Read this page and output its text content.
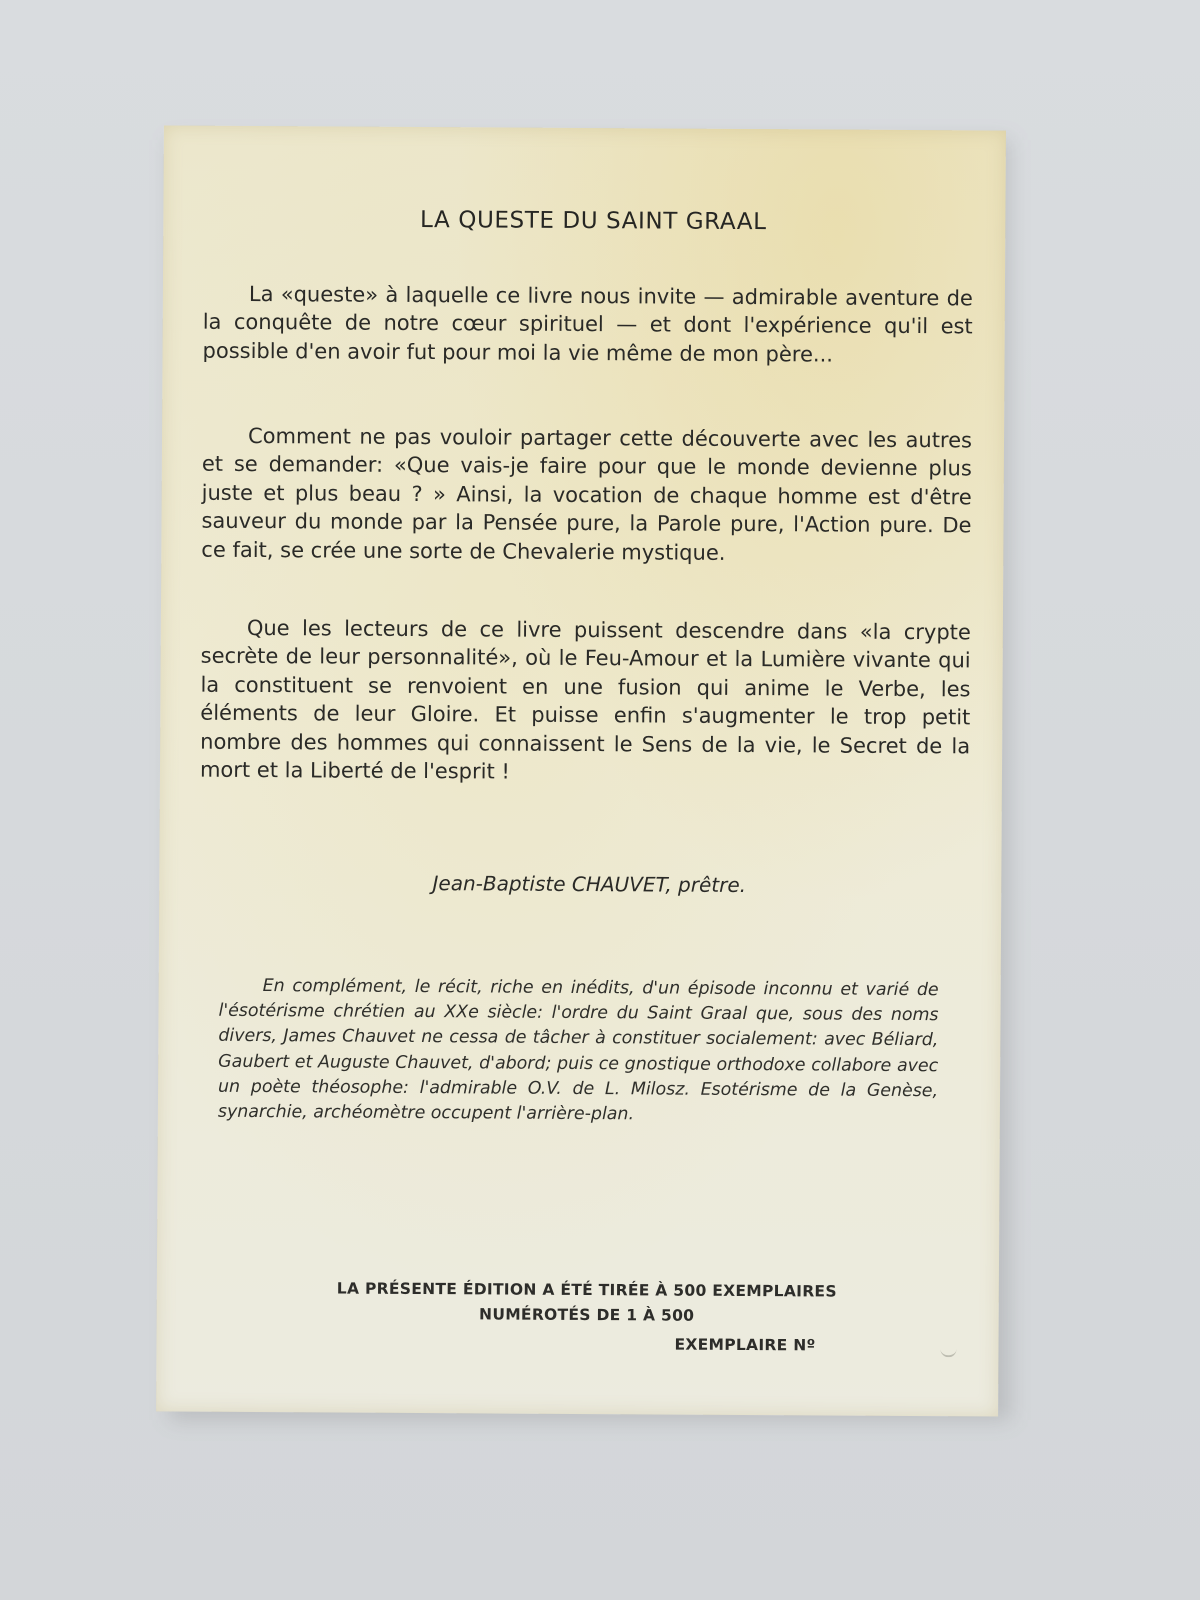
LA QUESTE DU SAINT GRAAL
La «queste» à laquelle ce livre nous invite — admirable aventure de la conquête de notre cœur spirituel — et dont l'expérience qu'il est possible d'en avoir fut pour moi la vie même de mon père...
Comment ne pas vouloir partager cette découverte avec les autres et se demander: «Que vais-je faire pour que le monde devienne plus juste et plus beau ? » Ainsi, la vocation de chaque homme est d'être sauveur du monde par la Pensée pure, la Parole pure, l'Action pure. De ce fait, se crée une sorte de Chevalerie mystique.
Que les lecteurs de ce livre puissent descendre dans «la crypte secrète de leur personnalité», où le Feu-Amour et la Lumière vivante qui la constituent se renvoient en une fusion qui anime le Verbe, les éléments de leur Gloire. Et puisse enfin s'augmenter le trop petit nombre des hommes qui connaissent le Sens de la vie, le Secret de la mort et la Liberté de l'esprit !
Jean-Baptiste CHAUVET, prêtre.
En complément, le récit, riche en inédits, d'un épisode inconnu et varié de l'ésotérisme chrétien au XXe siècle: l'ordre du Saint Graal que, sous des noms divers, James Chauvet ne cessa de tâcher à constituer socialement: avec Béliard, Gaubert et Auguste Chauvet, d'abord; puis ce gnostique orthodoxe collabore avec un poète théosophe: l'admirable O.V. de L. Milosz. Esotérisme de la Genèse, synarchie, archéomètre occupent l'arrière-plan.
LA PRÉSENTE ÉDITION A ÉTÉ TIRÉE À 500 EXEMPLAIRES
NUMÉROTÉS DE 1 À 500
EXEMPLAIRE Nº
